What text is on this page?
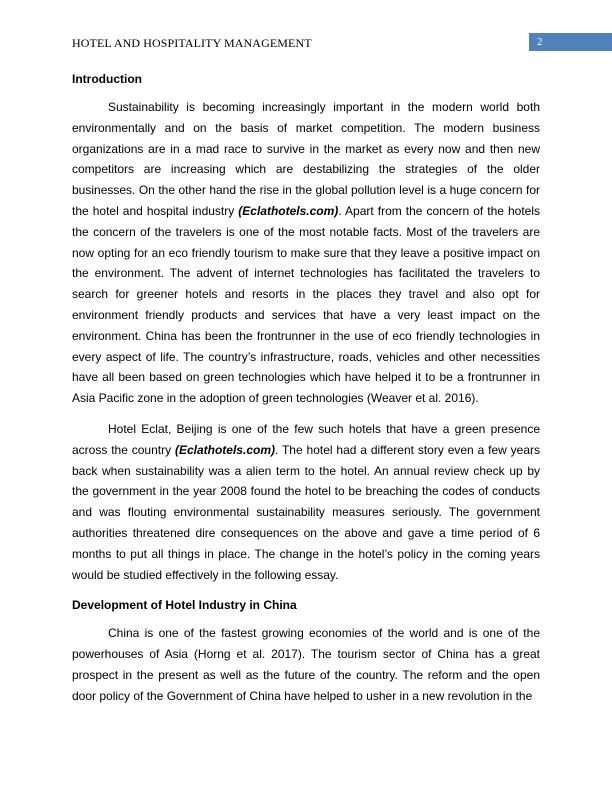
HOTEL AND HOSPITALITY MANAGEMENT	2
Introduction

Sustainability is becoming increasingly important in the modern world both environmentally and on the basis of market competition. The modern business organizations are in a mad race to survive in the market as every now and then new competitors are increasing which are destabilizing the strategies of the older businesses. On the other hand the rise in the global pollution level is a huge concern for the hotel and hospital industry (Eclathotels.com). Apart from the concern of the hotels the concern of the travelers is one of the most notable facts. Most of the travelers are now opting for an eco friendly tourism to make sure that they leave a positive impact on the environment. The advent of internet technologies has facilitated the travelers to search for greener hotels and resorts in the places they travel and also opt for environment friendly products and services that have a very least impact on the environment. China has been the frontrunner in the use of eco friendly technologies in every aspect of life. The country’s infrastructure, roads, vehicles and other necessities have all been based on green technologies which have helped it to be a frontrunner in Asia Pacific zone in the adoption of green technologies (Weaver et al. 2016).

Hotel Eclat, Beijing is one of the few such hotels that have a green presence across the country (Eclathotels.com). The hotel had a different story even a few years back when sustainability was a alien term to the hotel. An annual review check up by the government in the year 2008 found the hotel to be breaching the codes of conducts and was flouting environmental sustainability measures seriously. The government authorities threatened dire consequences on the above and gave a time period of 6 months to put all things in place. The change in the hotel’s policy in the coming years would be studied effectively in the following essay.

Development of Hotel Industry in China

China is one of the fastest growing economies of the world and is one of the powerhouses of Asia (Horng et al. 2017). The tourism sector of China has a great prospect in the present as well as the future of the country. The reform and the open door policy of the Government of China have helped to usher in a new revolution in the
